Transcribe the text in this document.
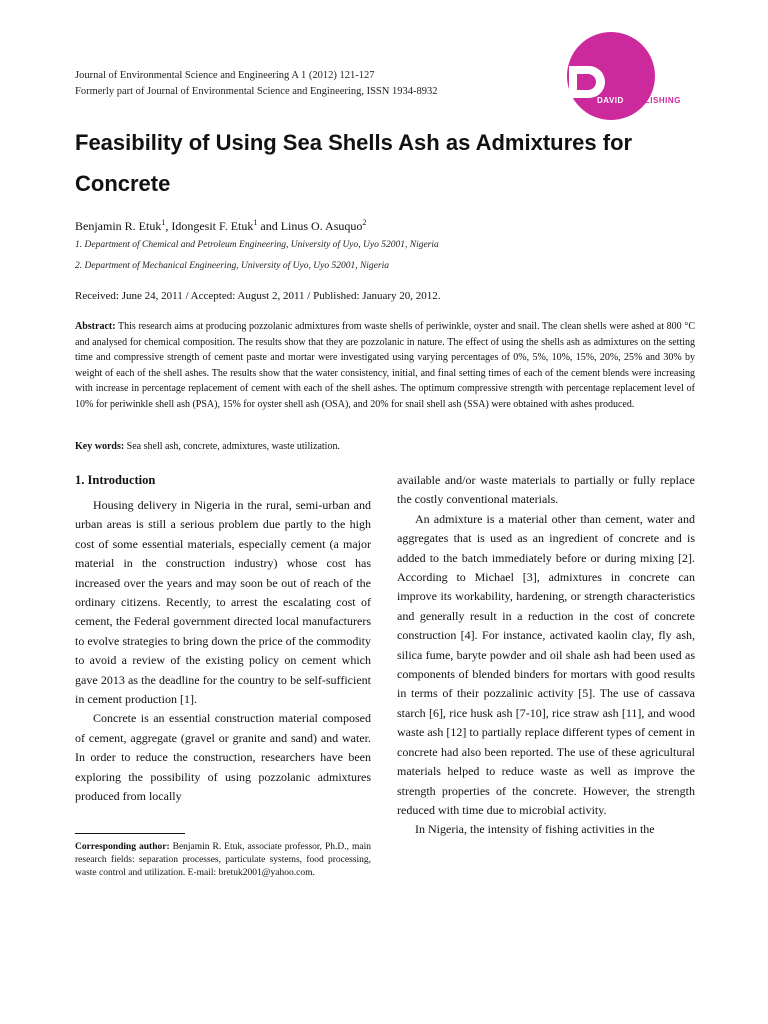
Journal of Environmental Science and Engineering A 1 (2012) 121-127
Formerly part of Journal of Environmental Science and Engineering, ISSN 1934-8932
DAVID PUBLISHING
Feasibility of Using Sea Shells Ash as Admixtures for Concrete
Benjamin R. Etuk$^1$, Idongesit F. Etuk$^1$ and Linus O. Asuquo$^2$
1. Department of Chemical and Petroleum Engineering, University of Uyo, Uyo 52001, Nigeria
2. Department of Mechanical Engineering, University of Uyo, Uyo 52001, Nigeria
Received: June 24, 2011 / Accepted: August 2, 2011 / Published: January 20, 2012.
Abstract: This research aims at producing pozzolanic admixtures from waste shells of periwinkle, oyster and snail. The clean shells were ashed at 800 °C and analysed for chemical composition. The results show that they are pozzolanic in nature. The effect of using the shells ash as admixtures on the setting time and compressive strength of cement paste and mortar were investigated using varying percentages of 0%, 5%, 10%, 15%, 20%, 25% and 30% by weight of each of the shell ashes. The results show that the water consistency, initial, and final setting times of each of the cement blends were increasing with increase in percentage replacement of cement with each of the shell ashes. The optimum compressive strength with percentage replacement level of 10% for periwinkle shell ash (PSA), 15% for oyster shell ash (OSA), and 20% for snail shell ash (SSA) were obtained with ashes produced.
Key words: Sea shell ash, concrete, admixtures, waste utilization.
1. Introduction

Housing delivery in Nigeria in the rural, semi-urban and urban areas is still a serious problem due partly to the high cost of some essential materials, especially cement (a major material in the construction industry) whose cost has increased over the years and may soon be out of reach of the ordinary citizens. Recently, to arrest the escalating cost of cement, the Federal government directed local manufacturers to evolve strategies to bring down the price of the commodity to avoid a review of the existing policy on cement which gave 2013 as the deadline for the country to be self-sufficient in cement production [1].

Concrete is an essential construction material composed of cement, aggregate (gravel or granite and sand) and water. In order to reduce the construction, researchers have been exploring the possibility of using pozzolanic admixtures produced from locally

Corresponding author: Benjamin R. Etuk, associate professor, Ph.D., main research fields: separation processes, particulate systems, food processing, waste control and utilization. E-mail: bretuk2001@yahoo.com.

available and/or waste materials to partially or fully replace the costly conventional materials.

An admixture is a material other than cement, water and aggregates that is used as an ingredient of concrete and is added to the batch immediately before or during mixing [2]. According to Michael [3], admixtures in concrete can improve its workability, hardening, or strength characteristics and generally result in a reduction in the cost of concrete construction [4]. For instance, activated kaolin clay, fly ash, silica fume, baryte powder and oil shale ash had been used as components of blended binders for mortars with good results in terms of their pozzalinic activity [5]. The use of cassava starch [6], rice husk ash [7-10], rice straw ash [11], and wood waste ash [12] to partially replace different types of cement in concrete had also been reported. The use of these agricultural materials helped to reduce waste as well as improve the strength properties of the concrete. However, the strength reduced with time due to microbial activity.

In Nigeria, the intensity of fishing activities in the
